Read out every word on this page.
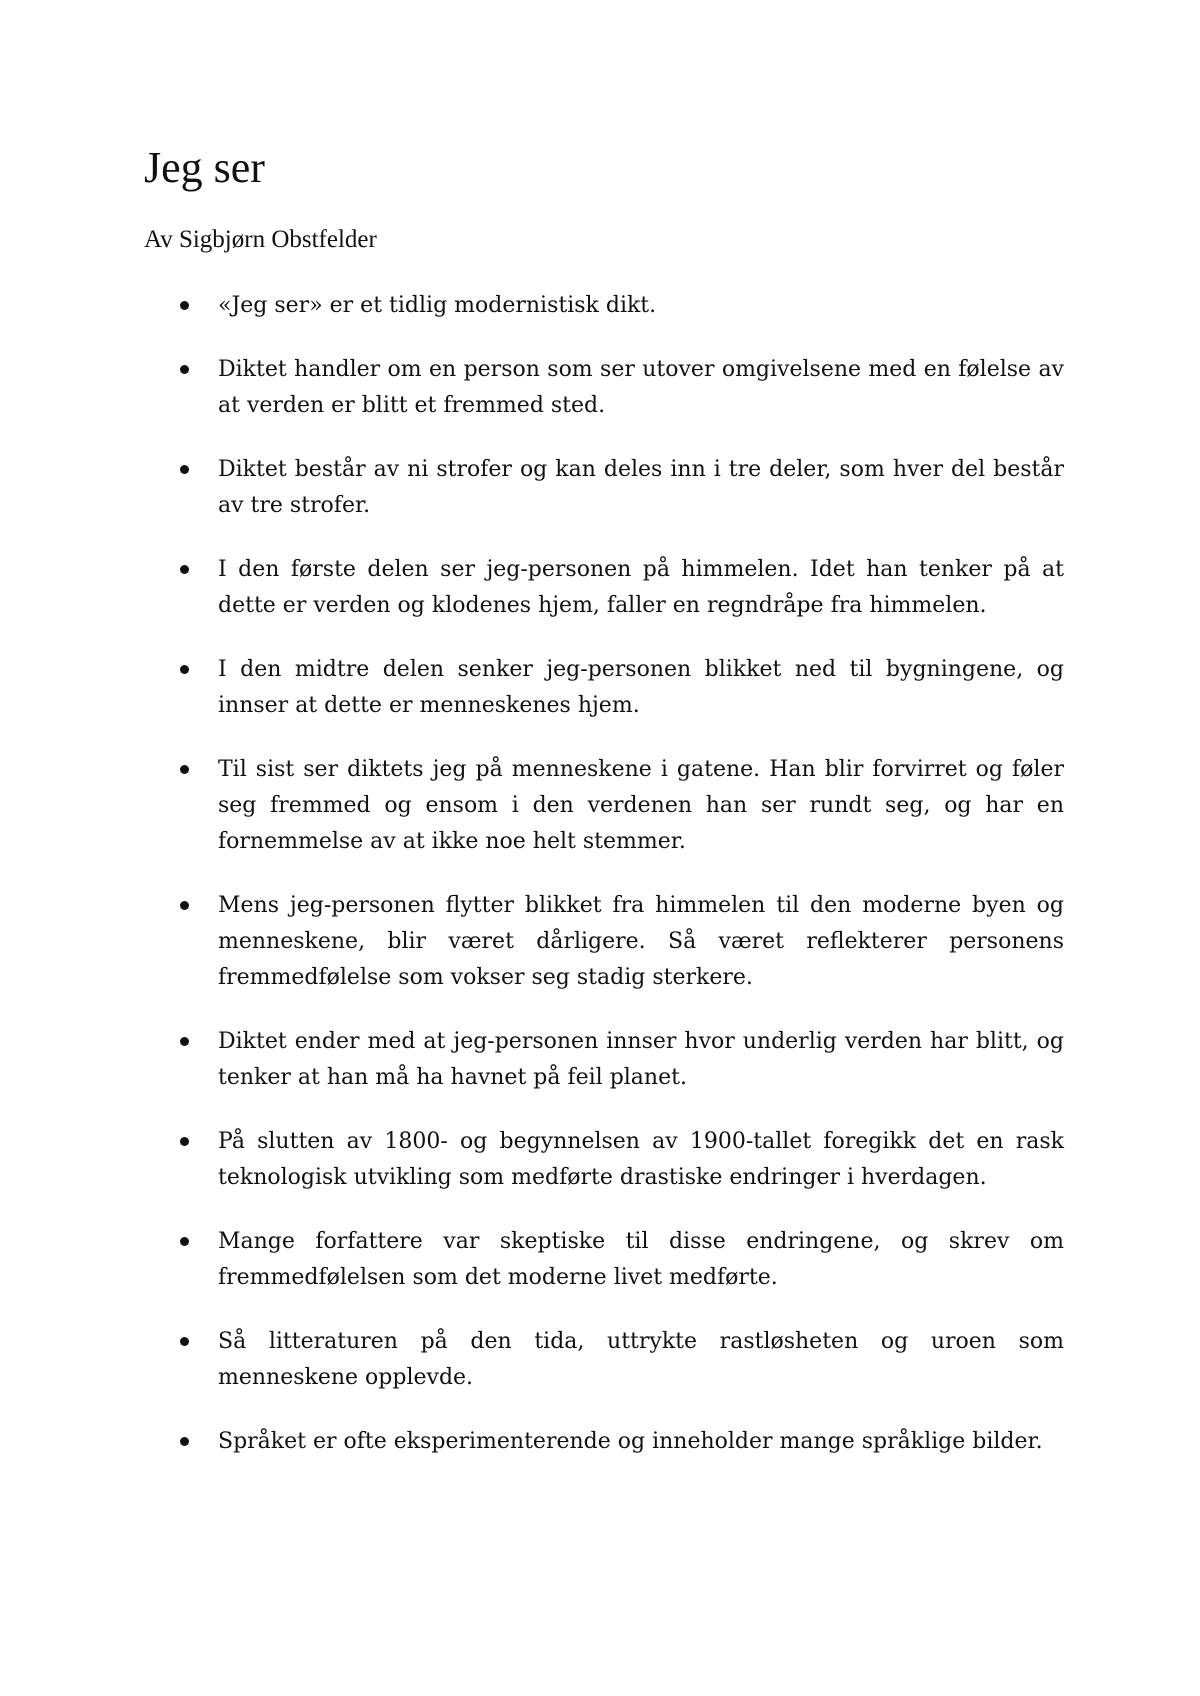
Jeg ser

Av Sigbjørn Obstfelder

«Jeg ser» er et tidlig modernistisk dikt.
Diktet handler om en person som ser utover omgivelsene med en følelse av at verden er blitt et fremmed sted.
Diktet består av ni strofer og kan deles inn i tre deler, som hver del består av tre strofer.
I den første delen ser jeg-personen på himmelen. Idet han tenker på at dette er verden og klodenes hjem, faller en regndråpe fra himmelen.
I den midtre delen senker jeg-personen blikket ned til bygningene, og innser at dette er menneskenes hjem.
Til sist ser diktets jeg på menneskene i gatene. Han blir forvirret og føler seg fremmed og ensom i den verdenen han ser rundt seg, og har en fornemmelse av at ikke noe helt stemmer.
Mens jeg-personen flytter blikket fra himmelen til den moderne byen og menneskene, blir været dårligere. Så været reflekterer personens fremmedfølelse som vokser seg stadig sterkere.
Diktet ender med at jeg-personen innser hvor underlig verden har blitt, og tenker at han må ha havnet på feil planet.
På slutten av 1800- og begynnelsen av 1900-tallet foregikk det en rask teknologisk utvikling som medførte drastiske endringer i hverdagen.
Mange forfattere var skeptiske til disse endringene, og skrev om fremmedfølelsen som det moderne livet medførte.
Så litteraturen på den tida, uttrykte rastløsheten og uroen som menneskene opplevde.
Språket er ofte eksperimenterende og inneholder mange språklige bilder.
